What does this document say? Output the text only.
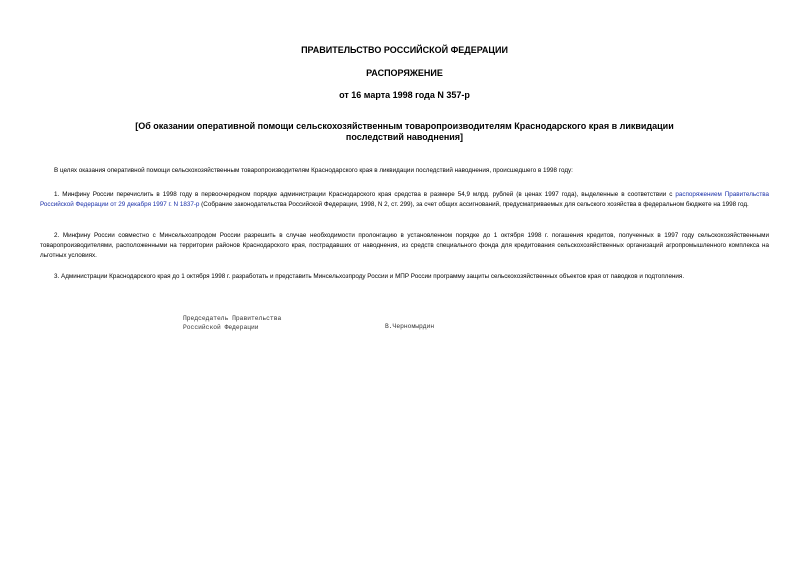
ПРАВИТЕЛЬСТВО РОССИЙСКОЙ ФЕДЕРАЦИИ
РАСПОРЯЖЕНИЕ
от 16 марта 1998 года N 357-р
[Об оказании оперативной помощи сельскохозяйственным товаропроизводителям Краснодарского края в ликвидации последствий наводнения]
В целях оказания оперативной помощи сельскохозяйственным товаропроизводителям Краснодарского края в ликвидации последствий наводнения, происшедшего в 1998 году:
1. Минфину России перечислить в 1998 году в первоочередном порядке администрации Краснодарского края средства в размере 54,9 млрд. рублей (в ценах 1997 года), выделенные в соответствии с распоряжением Правительства Российской Федерации от 29 декабря 1997 г. N 1837-р (Собрание законодательства Российской Федерации, 1998, N 2, ст. 299), за счет общих ассигнований, предусматриваемых для сельского хозяйства в федеральном бюджете на 1998 год.
2. Минфину России совместно с Минсельхозпродом России разрешить в случае необходимости пролонгацию в установленном порядке до 1 октября 1998 г. погашения кредитов, полученных в 1997 году сельскохозяйственными товаропроизводителями, расположенными на территории районов Краснодарского края, пострадавших от наводнения, из средств специального фонда для кредитования сельскохозяйственных организаций агропромышленного комплекса на льготных условиях.
3. Администрации Краснодарского края до 1 октября 1998 г. разработать и представить Минсельхозпроду России и МПР России программу защиты сельскохозяйственных объектов края от паводков и подтопления.
Председатель Правительства
Российской Федерации	В.Черномырдин
